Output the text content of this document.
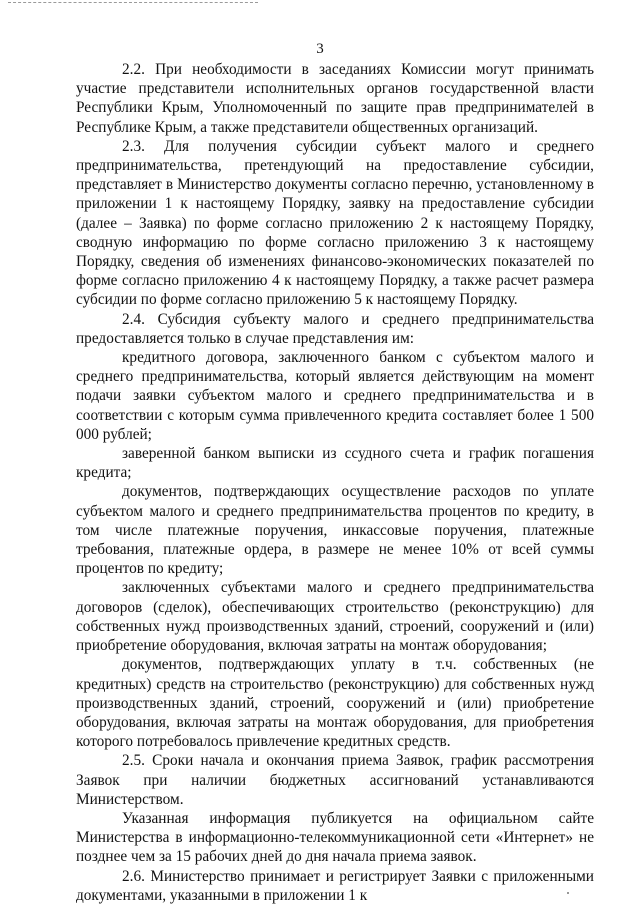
3

2.2. При необходимости в заседаниях Комиссии могут принимать участие представители исполнительных органов государственной власти Республики Крым, Уполномоченный по защите прав предпринимателей в Республике Крым, а также представители общественных организаций.

2.3. Для получения субсидии субъект малого и среднего предпринимательства, претендующий на предоставление субсидии, представляет в Министерство документы согласно перечню, установленному в приложении 1 к настоящему Порядку, заявку на предоставление субсидии (далее – Заявка) по форме согласно приложению 2 к настоящему Порядку, сводную информацию по форме согласно приложению 3 к настоящему Порядку, сведения об изменениях финансово-экономических показателей по форме согласно приложению 4 к настоящему Порядку, а также расчет размера субсидии по форме согласно приложению 5 к настоящему Порядку.

2.4. Субсидия субъекту малого и среднего предпринимательства предоставляется только в случае представления им:

кредитного договора, заключенного банком с субъектом малого и среднего предпринимательства, который является действующим на момент подачи заявки субъектом малого и среднего предпринимательства и в соответствии с которым сумма привлеченного кредита составляет более 1 500 000 рублей;

заверенной банком выписки из ссудного счета и график погашения кредита;

документов, подтверждающих осуществление расходов по уплате субъектом малого и среднего предпринимательства процентов по кредиту, в том числе платежные поручения, инкассовые поручения, платежные требования, платежные ордера, в размере не менее 10% от всей суммы процентов по кредиту;

заключенных субъектами малого и среднего предпринимательства договоров (сделок), обеспечивающих строительство (реконструкцию) для собственных нужд производственных зданий, строений, сооружений и (или) приобретение оборудования, включая затраты на монтаж оборудования;

документов, подтверждающих уплату в т.ч. собственных (не кредитных) средств на строительство (реконструкцию) для собственных нужд производственных зданий, строений, сооружений и (или) приобретение оборудования, включая затраты на монтаж оборудования, для приобретения которого потребовалось привлечение кредитных средств.

2.5. Сроки начала и окончания приема Заявок, график рассмотрения Заявок при наличии бюджетных ассигнований устанавливаются Министерством.

Указанная информация публикуется на официальном сайте Министерства в информационно-телекоммуникационной сети «Интернет» не позднее чем за 15 рабочих дней до дня начала приема заявок.

2.6. Министерство принимает и регистрирует Заявки с приложенными документами, указанными в приложении 1 к
